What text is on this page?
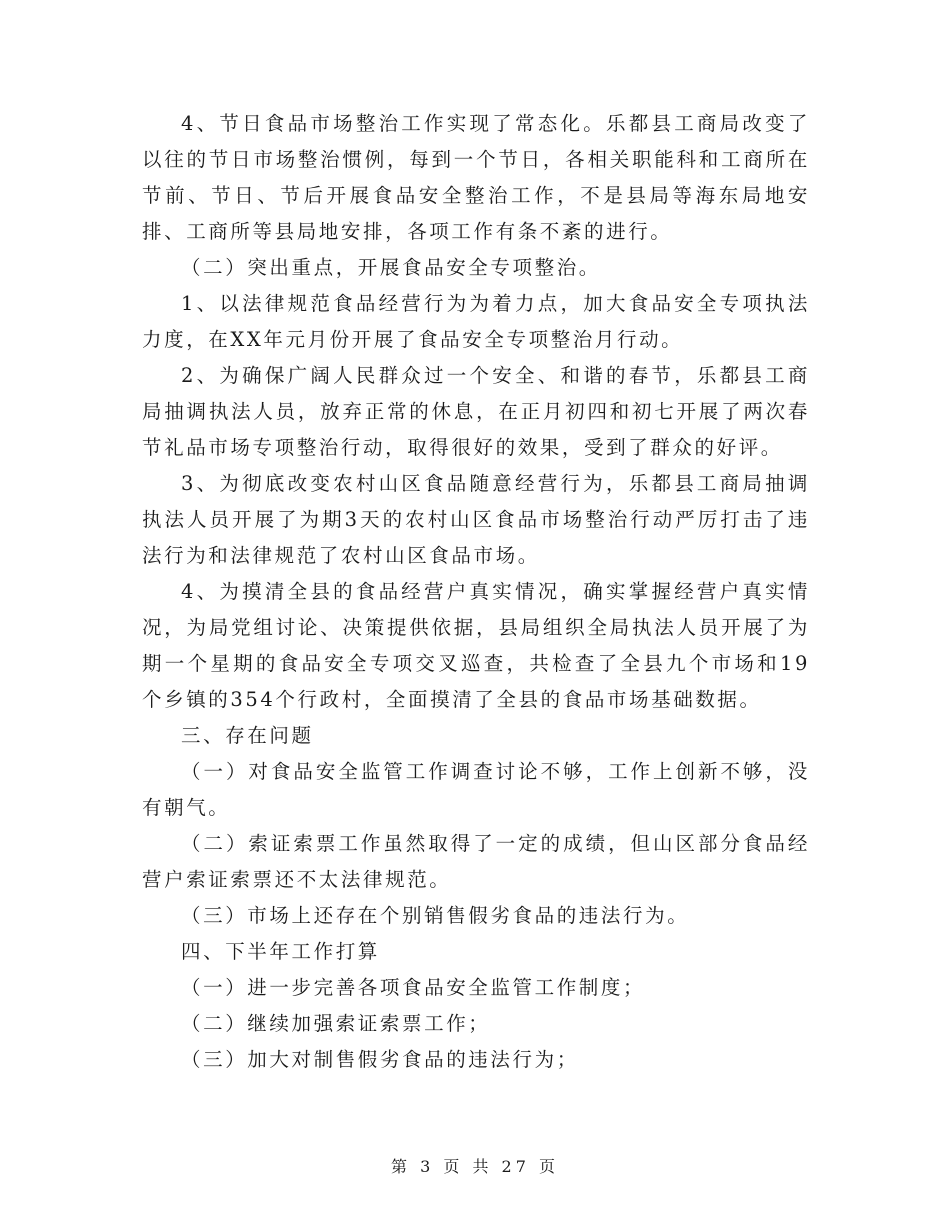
4、节日食品市场整治工作实现了常态化。乐都县工商局改变了以往的节日市场整治惯例，每到一个节日，各相关职能科和工商所在节前、节日、节后开展食品安全整治工作，不是县局等海东局地安排、工商所等县局地安排，各项工作有条不紊的进行。

（二）突出重点，开展食品安全专项整治。

1、以法律规范食品经营行为为着力点，加大食品安全专项执法力度，在XX年元月份开展了食品安全专项整治月行动。

2、为确保广阔人民群众过一个安全、和谐的春节，乐都县工商局抽调执法人员，放弃正常的休息，在正月初四和初七开展了两次春节礼品市场专项整治行动，取得很好的效果，受到了群众的好评。

3、为彻底改变农村山区食品随意经营行为，乐都县工商局抽调执法人员开展了为期3天的农村山区食品市场整治行动严厉打击了违法行为和法律规范了农村山区食品市场。

4、为摸清全县的食品经营户真实情况，确实掌握经营户真实情况，为局党组讨论、决策提供依据，县局组织全局执法人员开展了为期一个星期的食品安全专项交叉巡查，共检查了全县九个市场和19个乡镇的354个行政村，全面摸清了全县的食品市场基础数据。

三、存在问题

（一）对食品安全监管工作调查讨论不够，工作上创新不够，没有朝气。

（二）索证索票工作虽然取得了一定的成绩，但山区部分食品经营户索证索票还不太法律规范。

（三）市场上还存在个别销售假劣食品的违法行为。

四、下半年工作打算

（一）进一步完善各项食品安全监管工作制度；

（二）继续加强索证索票工作；

（三）加大对制售假劣食品的违法行为；

第 3 页 共 27 页
